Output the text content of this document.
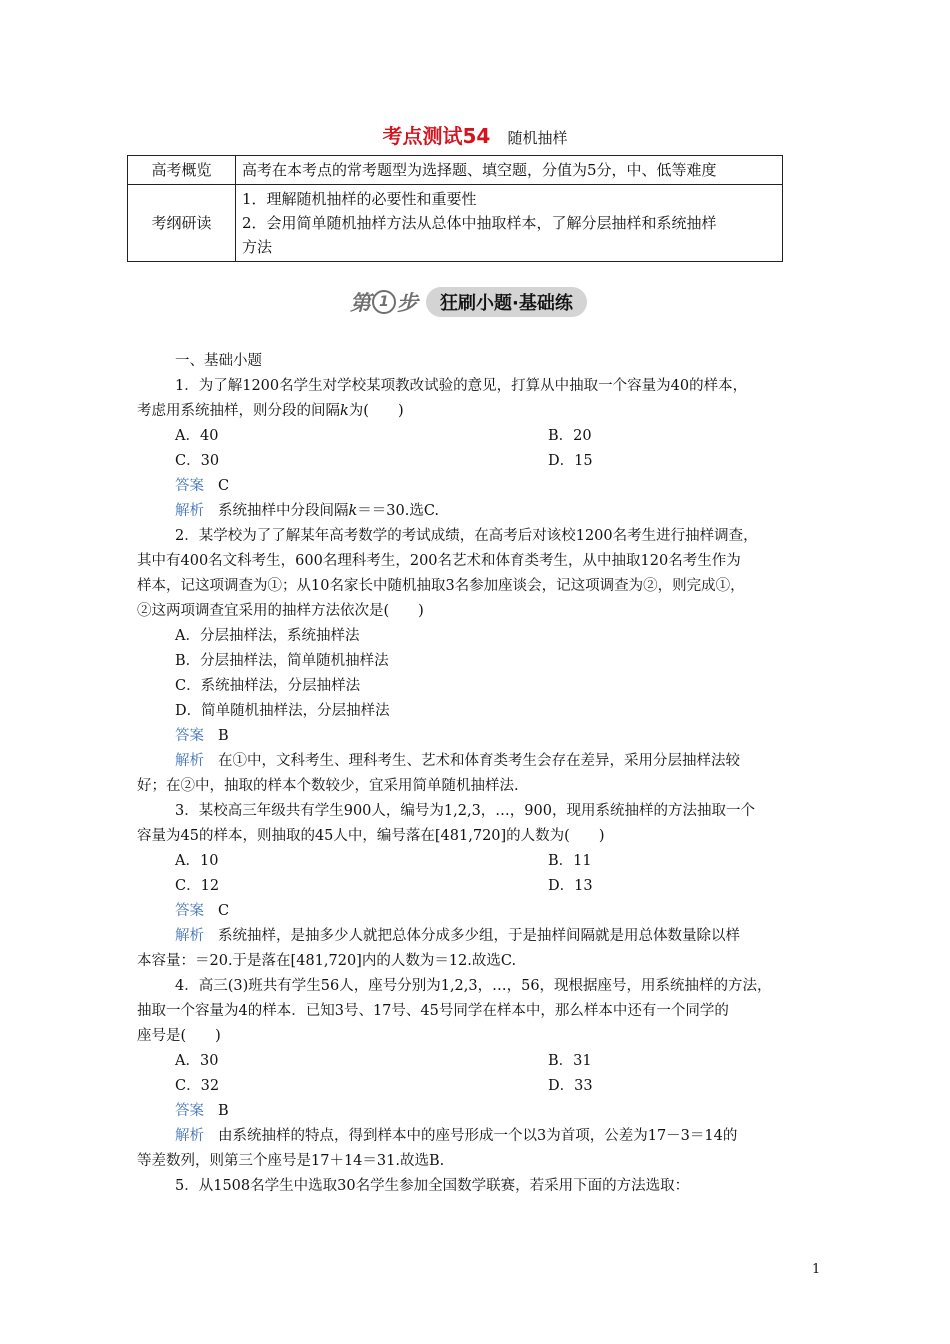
考点测试54 随机抽样
高考概览	高考在本考点的常考题型为选择题、填空题，分值为5分，中、低等难度
考纲研读	1．理解随机抽样的必要性和重要性
2．会用简单随机抽样方法从总体中抽取样本，了解分层抽样和系统抽样
方法
第 1 步	狂刷小题·基础练
一、基础小题
1．为了解1200名学生对学校某项教改试验的意见，打算从中抽取一个容量为40的样本，
考虑用系统抽样，则分段的间隔k为(　　)
A．40	B．20
C．30	D．15
答案 C
解析 系统抽样中分段间隔k＝＝30.选C.
2．某学校为了了解某年高考数学的考试成绩，在高考后对该校1200名考生进行抽样调查，
其中有400名文科考生，600名理科考生，200名艺术和体育类考生，从中抽取120名考生作为
样本，记这项调查为①；从10名家长中随机抽取3名参加座谈会，记这项调查为②，则完成①，
②这两项调查宜采用的抽样方法依次是(　　)
A．分层抽样法，系统抽样法
B．分层抽样法，简单随机抽样法
C．系统抽样法，分层抽样法
D．简单随机抽样法，分层抽样法
答案 B
解析 在①中，文科考生、理科考生、艺术和体育类考生会存在差异，采用分层抽样法较
好；在②中，抽取的样本个数较少，宜采用简单随机抽样法.
3．某校高三年级共有学生900人，编号为1,2,3，…，900，现用系统抽样的方法抽取一个
容量为45的样本，则抽取的45人中，编号落在[481,720]的人数为(　　)
A．10	B．11
C．12	D．13
答案 C
解析 系统抽样，是抽多少人就把总体分成多少组，于是抽样间隔就是用总体数量除以样
本容量：＝20.于是落在[481,720]内的人数为＝12.故选C.
4．高三(3)班共有学生56人，座号分别为1,2,3，…，56，现根据座号，用系统抽样的方法，
抽取一个容量为4的样本．已知3号、17号、45号同学在样本中，那么样本中还有一个同学的
座号是(　　)
A．30	B．31
C．32	D．33
答案 B
解析 由系统抽样的特点，得到样本中的座号形成一个以3为首项，公差为17－3＝14的
等差数列，则第三个座号是17＋14＝31.故选B.
5．从1508名学生中选取30名学生参加全国数学联赛，若采用下面的方法选取：
1
